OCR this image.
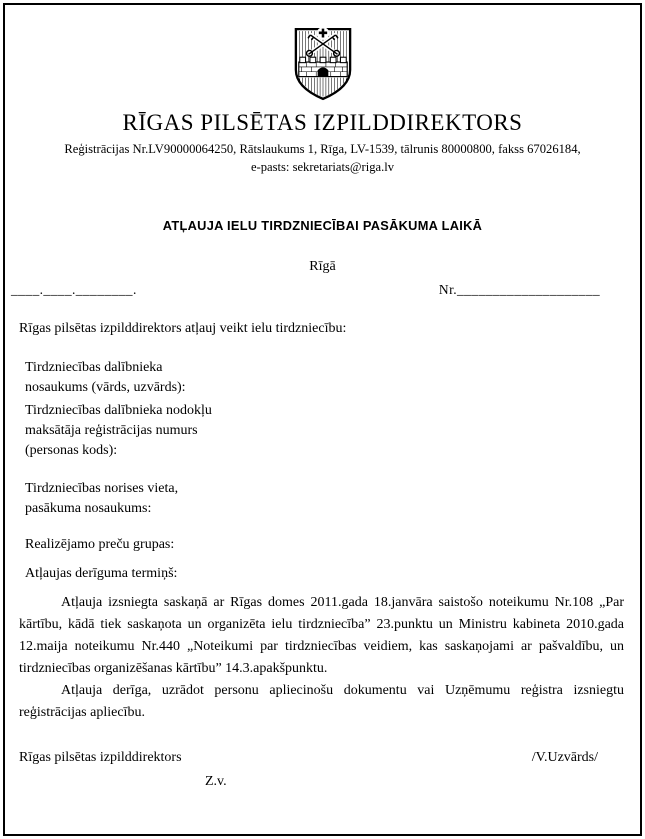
RĪGAS PILSĒTAS IZPILDDIREKTORS
Reģistrācijas Nr.LV90000064250, Rātslaukums 1, Rīga, LV-1539, tālrunis 80000800, fakss 67026184,
e-pasts: sekretariats@riga.lv
ATĻAUJA IELU TIRDZNIECĪBAI PASĀKUMA LAIKĀ
Rīgā
____.____.________.	Nr.____________________
Rīgas pilsētas izpilddirektors atļauj veikt ielu tirdzniecību:
Tirdzniecības dalībnieka
nosaukums (vārds, uzvārds):
Tirdzniecības dalībnieka nodokļu
maksātāja reģistrācijas numurs
(personas kods):
Tirdzniecības norises vieta,
pasākuma nosaukums:
Realizējamo preču grupas:
Atļaujas derīguma termiņš:

Atļauja izsniegta saskaņā ar Rīgas domes 2011.gada 18.janvāra saistošo noteikumu Nr.108 „Par kārtību, kādā tiek saskaņota un organizēta ielu tirdzniecība” 23.punktu un Ministru kabineta 2010.gada 12.maija noteikumu Nr.440 „Noteikumi par tirdzniecības veidiem, kas saskaņojami ar pašvaldību, un tirdzniecības organizēšanas kārtību” 14.3.apakšpunktu.

Atļauja derīga, uzrādot personu apliecinošu dokumentu vai Uzņēmumu reģistra izsniegtu reģistrācijas apliecību.

Rīgas pilsētas izpilddirektors	/V.Uzvārds/
Z.v.
